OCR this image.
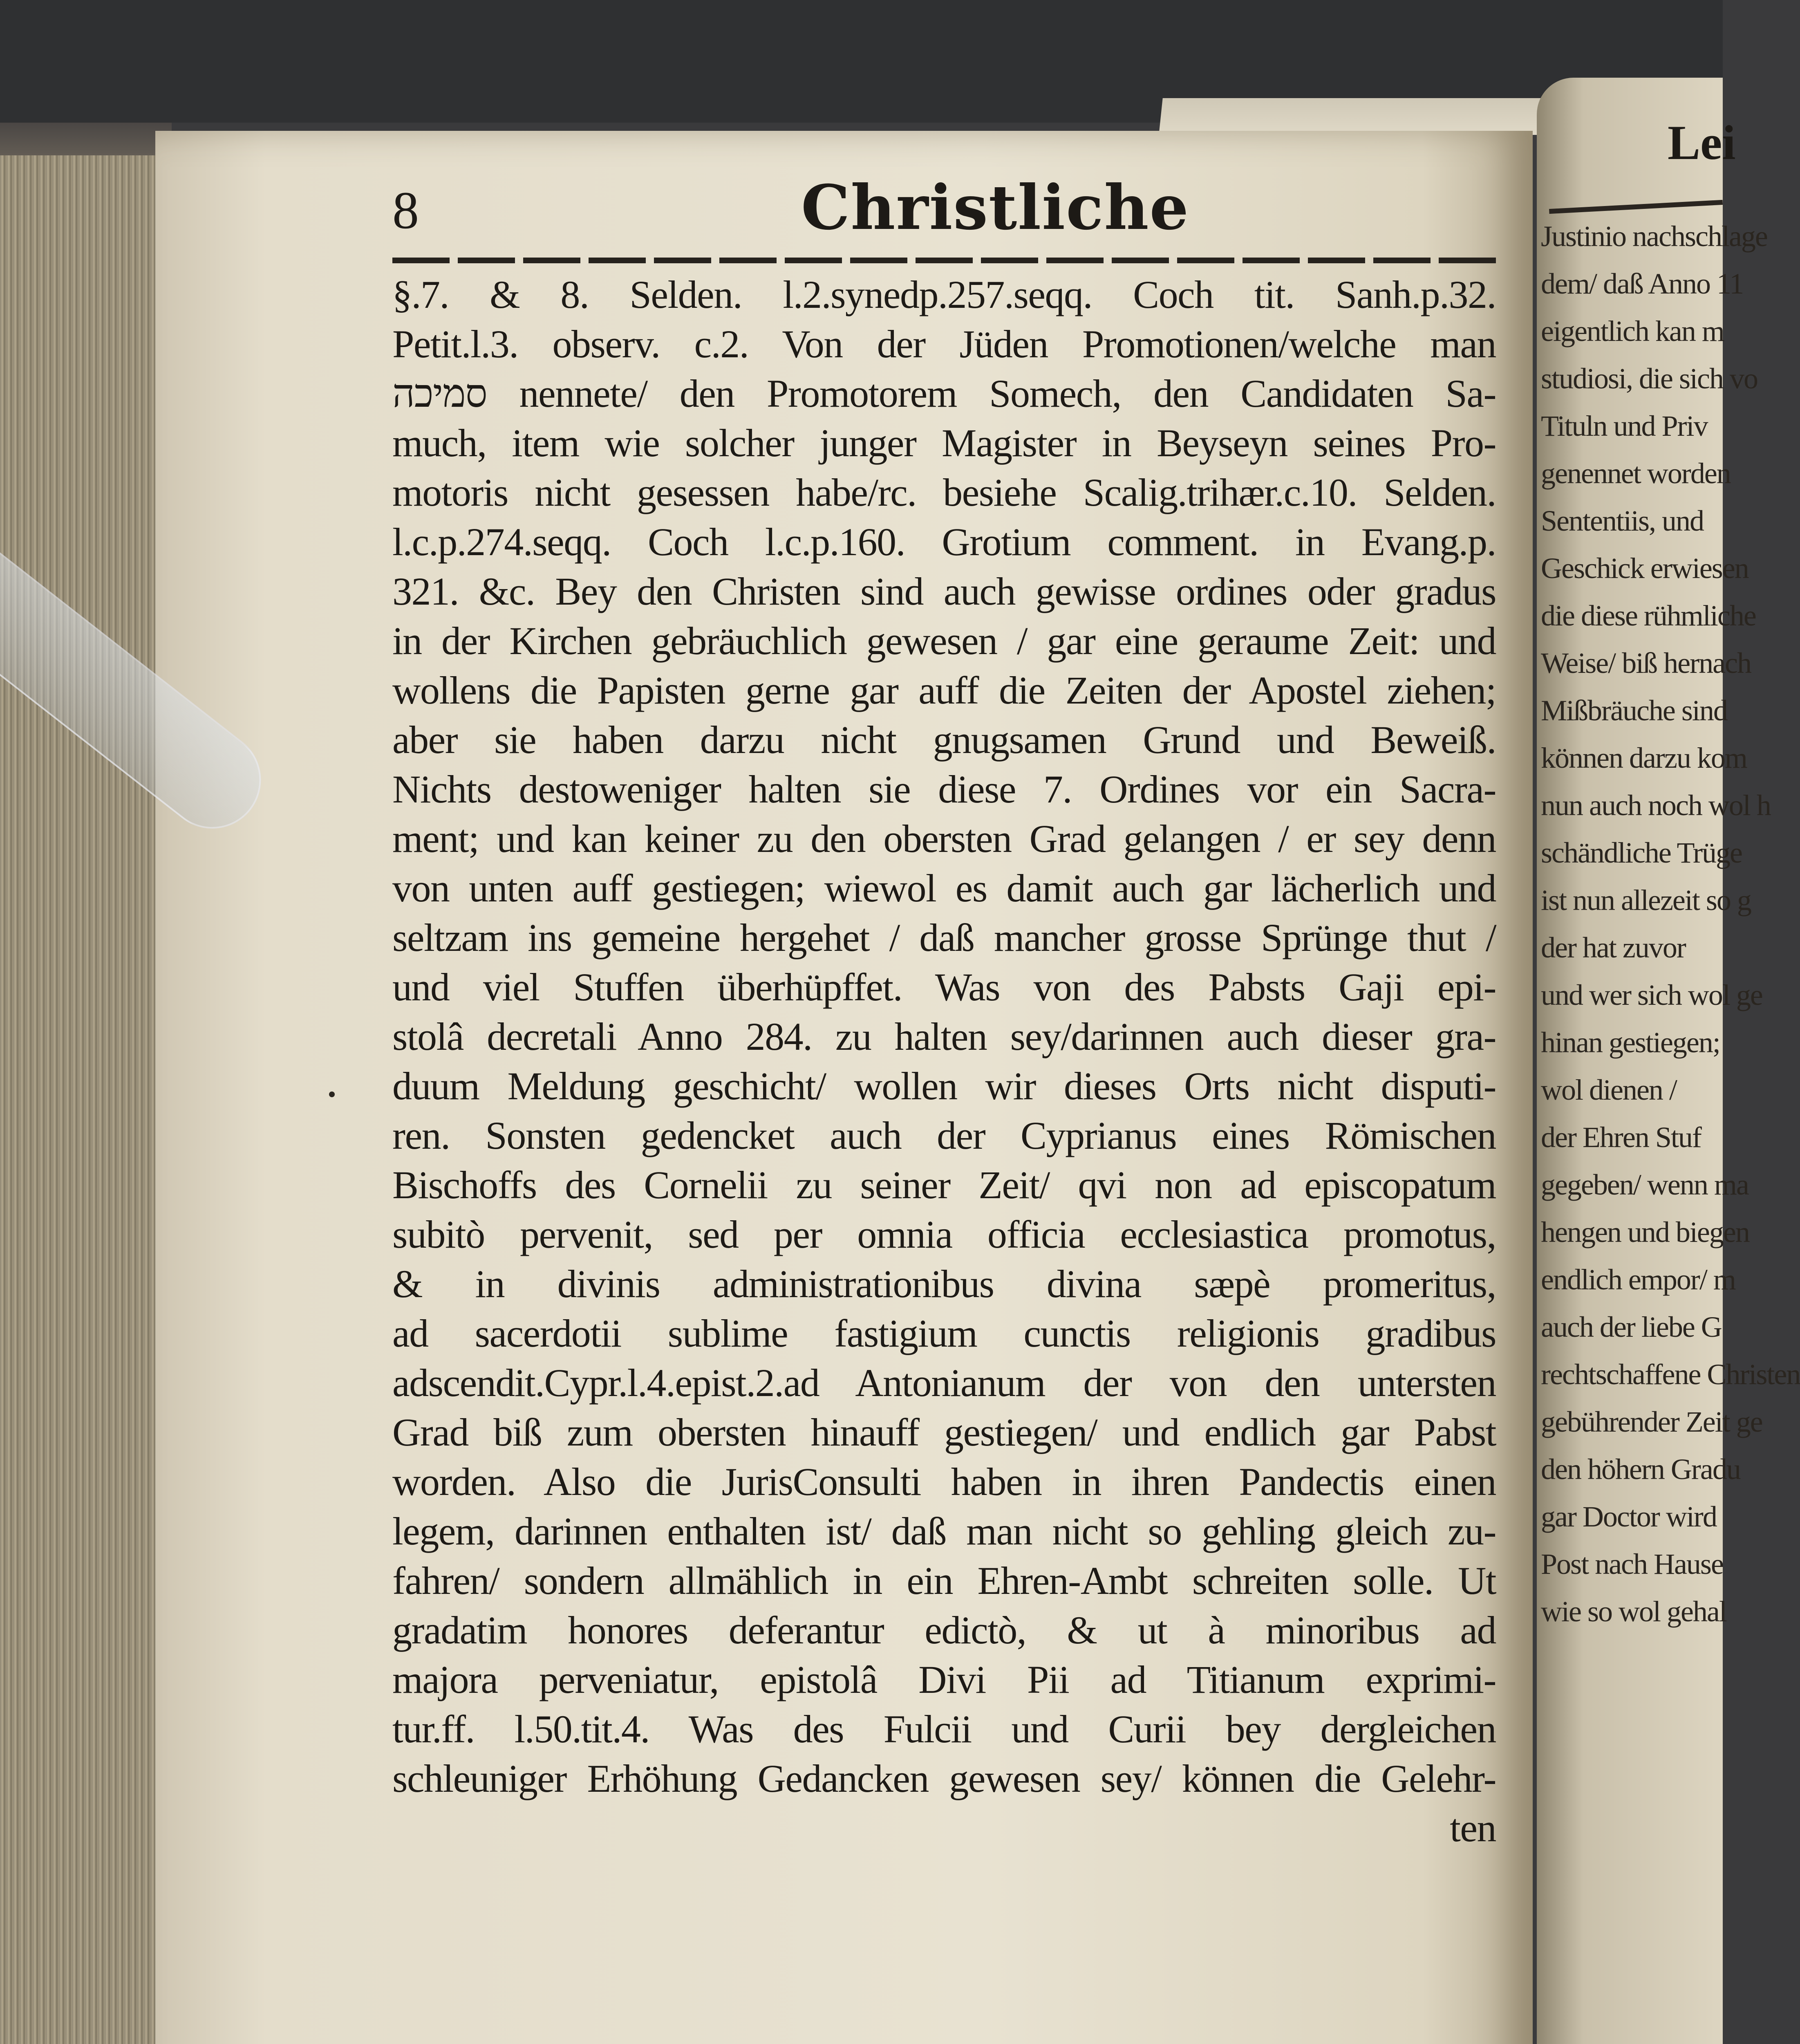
8	Christliche
§.7. & 8. Selden. l.2.synedp.257.seqq. Coch tit. Sanh.p.32.
Petit.l.3. observ. c.2. Von der Jüden Promotionen/welche man
סמיכה nennete/ den Promotorem Somech, den Candidaten Sa-
much, item wie solcher junger Magister in Beyseyn seines Pro-
motoris nicht gesessen habe/rc. besiehe Scalig.trihær.c.10. Selden.
l.c.p.274.seqq. Coch l.c.p.160. Grotium comment. in Evang.p.
321. &c. Bey den Christen sind auch gewisse ordines oder gradus
in der Kirchen gebräuchlich gewesen / gar eine geraume Zeit: und
wollens die Papisten gerne gar auff die Zeiten der Apostel ziehen;
aber sie haben darzu nicht gnugsamen Grund und Beweiß.
Nichts destoweniger halten sie diese 7. Ordines vor ein Sacra-
ment; und kan keiner zu den obersten Grad gelangen / er sey denn
von unten auff gestiegen; wiewol es damit auch gar lächerlich und
seltzam ins gemeine hergehet / daß mancher grosse Sprünge thut /
und viel Stuffen überhüpffet. Was von des Pabsts Gaji epi-
stolâ decretali Anno 284. zu halten sey/darinnen auch dieser gra-
duum Meldung geschicht/ wollen wir dieses Orts nicht disputi-
ren. Sonsten gedencket auch der Cyprianus eines Römischen
Bischoffs des Cornelii zu seiner Zeit/ qvi non ad episcopatum
subitò pervenit, sed per omnia officia ecclesiastica promotus,
& in divinis administrationibus divina sæpè promeritus,
ad sacerdotii sublime fastigium cunctis religionis gradibus
adscendit.Cypr.l.4.epist.2.ad Antonianum der von den untersten
Grad biß zum obersten hinauff gestiegen/ und endlich gar Pabst
worden. Also die JurisConsulti haben in ihren Pandectis einen
legem, darinnen enthalten ist/ daß man nicht so gehling gleich zu-
fahren/ sondern allmählich in ein Ehren-Ambt schreiten solle. Ut
gradatim honores deferantur edictò, & ut à minoribus ad
majora perveniatur, epistolâ Divi Pii ad Titianum exprimi-
tur.ff. l.50.tit.4. Was des Fulcii und Curii bey dergleichen
schleuniger Erhöhung Gedancken gewesen sey/ können die Gelehr-
ten
Lei
Justinio nachschlage
dem/ daß Anno 11
eigentlich kan m
studiosi, die sich vo
Tituln und Priv
genennet worden
Sententiis, und
Geschick erwiesen
die diese rühmliche
Weise/ biß hernach
Mißbräuche sind
können darzu kom
nun auch noch wol h
schändliche Trüge
ist nun allezeit so g
der hat zuvor
und wer sich wol ge
hinan gestiegen;
wol dienen /
der Ehren Stuf
gegeben/ wenn ma
hengen und biegen
endlich empor/ m
auch der liebe G
rechtschaffene Christen
gebührender Zeit ge
den höhern Gradu
gar Doctor wird
Post nach Hause
wie so wol gehal
